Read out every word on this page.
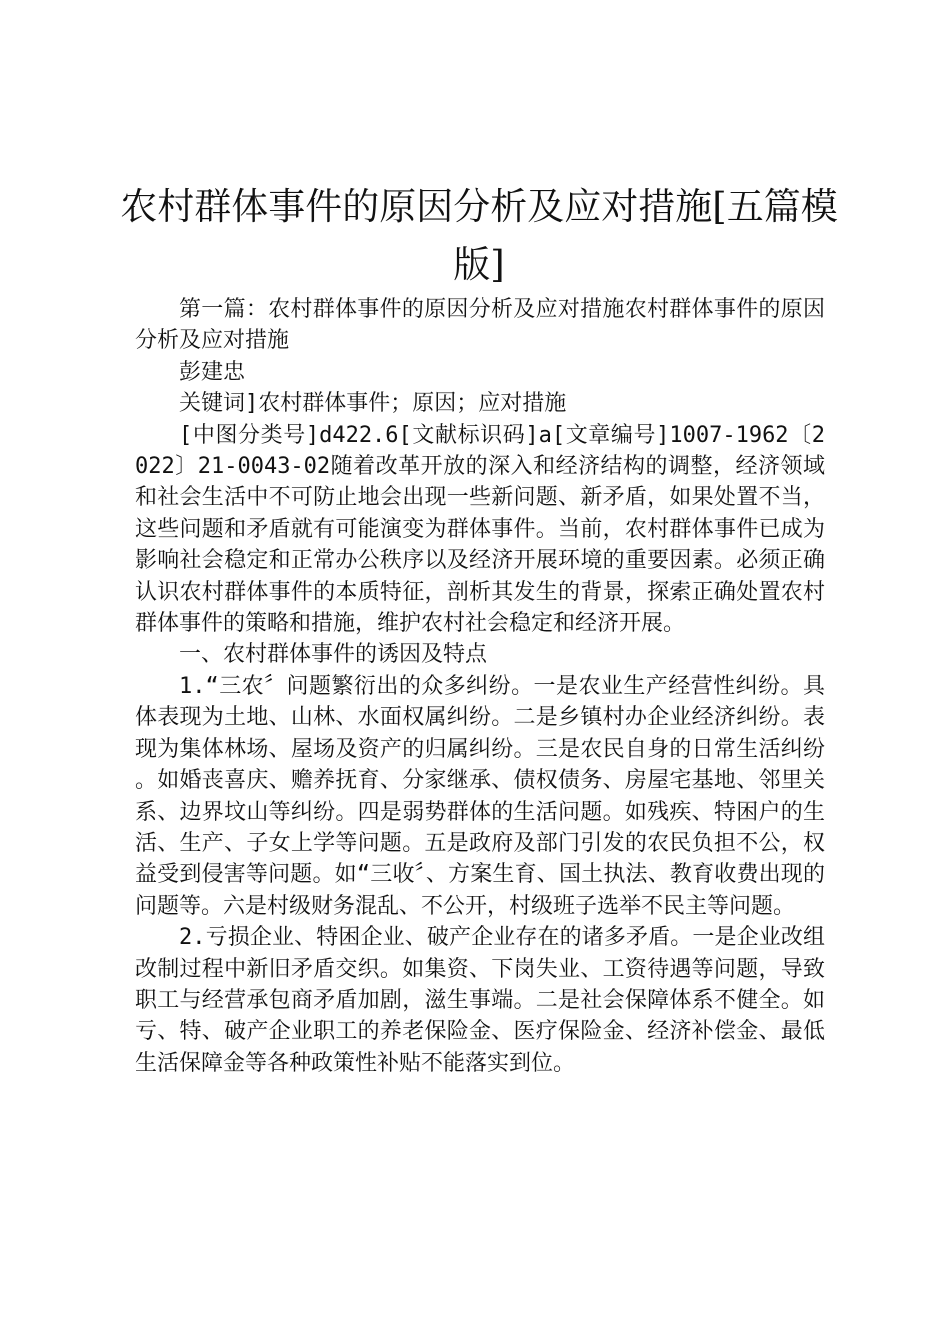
农村群体事件的原因分析及应对措施[五篇模版]

第一篇：农村群体事件的原因分析及应对措施农村群体事件的原因分析及应对措施

彭建忠

关键词]农村群体事件；原因；应对措施

[中图分类号]d422.6[文献标识码]a[文章编号]1007-1962〔2022〕21-0043-02随着改革开放的深入和经济结构的调整，经济领域和社会生活中不可防止地会出现一些新问题、新矛盾，如果处置不当，这些问题和矛盾就有可能演变为群体事件。当前，农村群体事件已成为影响社会稳定和正常办公秩序以及经济开展环境的重要因素。必须正确认识农村群体事件的本质特征，剖析其发生的背景，探索正确处置农村群体事件的策略和措施，维护农村社会稳定和经济开展。

一、农村群体事件的诱因及特点

1.“三农〞问题繁衍出的众多纠纷。一是农业生产经营性纠纷。具体表现为土地、山林、水面权属纠纷。二是乡镇村办企业经济纠纷。表现为集体林场、屋场及资产的归属纠纷。三是农民自身的日常生活纠纷。如婚丧喜庆、赡养抚育、分家继承、债权债务、房屋宅基地、邻里关系、边界坟山等纠纷。四是弱势群体的生活问题。如残疾、特困户的生活、生产、子女上学等问题。五是政府及部门引发的农民负担不公，权益受到侵害等问题。如“三收〞、方案生育、国土执法、教育收费出现的问题等。六是村级财务混乱、不公开，村级班子选举不民主等问题。

2.亏损企业、特困企业、破产企业存在的诸多矛盾。一是企业改组改制过程中新旧矛盾交织。如集资、下岗失业、工资待遇等问题，导致职工与经营承包商矛盾加剧，滋生事端。二是社会保障体系不健全。如亏、特、破产企业职工的养老保险金、医疗保险金、经济补偿金、最低生活保障金等各种政策性补贴不能落实到位。
